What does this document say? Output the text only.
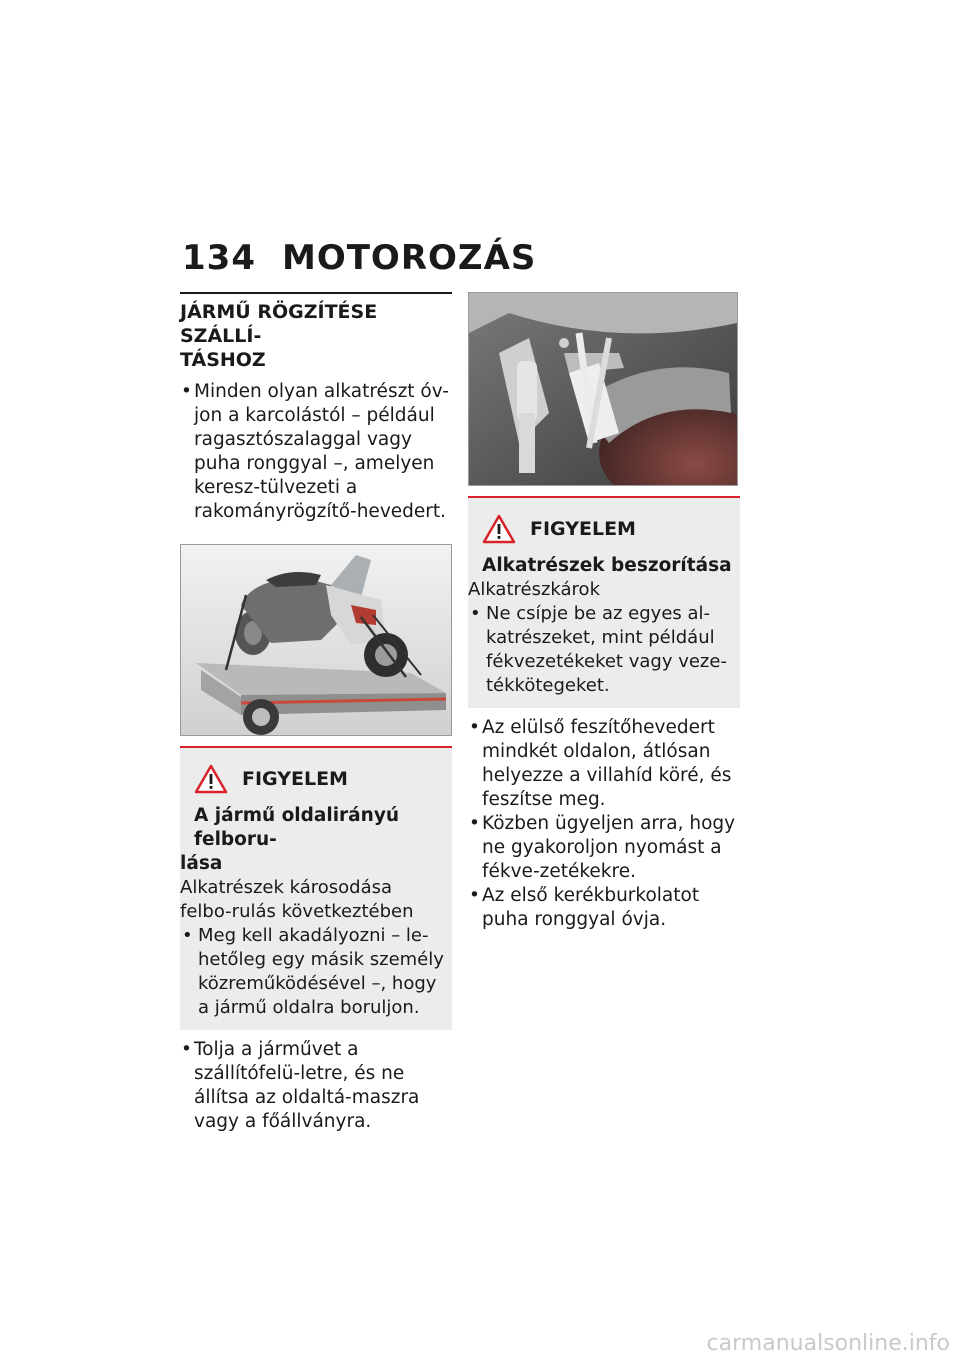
134 MOTOROZÁS
JÁRMŰ RÖGZÍTÉSE SZÁLLÍ-
TÁSHOZ
• Minden olyan alkatrészt óv-jon a karcolástól – például ragasztószalaggal vagy puha ronggyal –, amelyen keresz-tülvezeti a rakományrögzítő-hevedert.
FIGYELEM
A jármű oldalirányú felboru-
lása
Alkatrészek károsodása felbo-rulás következtében
• Meg kell akadályozni – le-hetőleg egy másik személy közreműködésével –, hogy a jármű oldalra boruljon.
• Tolja a járművet a szállítófelü-letre, és ne állítsa az oldaltá-maszra vagy a főállványra.
FIGYELEM
Alkatrészek beszorítása
Alkatrészkárok
• Ne csípje be az egyes al-katrészeket, mint például fékvezetékeket vagy veze-tékkötegeket.
• Az elülső feszítőhevedert mindkét oldalon, átlósan helyezze a villahíd köré, és feszítse meg.
• Közben ügyeljen arra, hogy ne gyakoroljon nyomást a fékve-zetékekre.
• Az első kerékburkolatot puha ronggyal óvja.
carmanualsonline.info
